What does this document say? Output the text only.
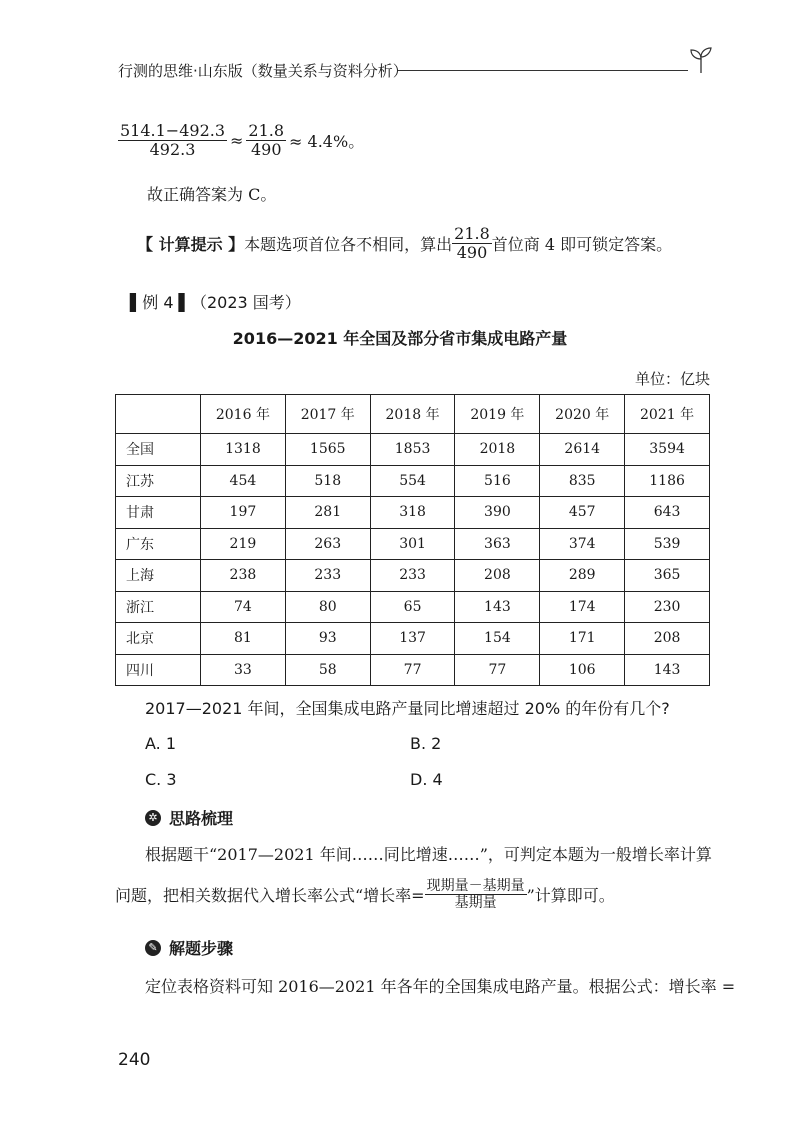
行测的思维·山东版（数量关系与资料分析）
$\frac{514.1-492.3}{492.3} \approx \frac{21.8}{490} \approx 4.4\%$。
故正确答案为 C。
【 计算提示 】 本题选项首位各不相同，算出 $\frac{21.8}{490}$ 首位商 4 即可锁定答案。
▌例 4 ▌（2023 国考）
2016—2021 年全国及部分省市集成电路产量
单位：亿块
	2016 年	2017 年	2018 年	2019 年	2020 年	2021 年
全国	1318	1565	1853	2018	2614	3594
江苏	454	518	554	516	835	1186
甘肃	197	281	318	390	457	643
广东	219	263	301	363	374	539
上海	238	233	233	208	289	365
浙江	74	80	65	143	174	230
北京	81	93	137	154	171	208
四川	33	58	77	77	106	143
2017—2021 年间，全国集成电路产量同比增速超过 20% 的年份有几个?
A. 1	B. 2
C. 3	D. 4
✲ 思路梳理
根据题干“2017—2021 年间……同比增速……”，可判定本题为一般增长率计算
问题，把相关数据代入增长率公式“增长率= $\frac{\text{现期量－基期量}}{\text{基期量}}$ ”计算即可。
✎ 解题步骤
定位表格资料可知 2016—2021 年各年的全国集成电路产量。根据公式：增长率 =
240
